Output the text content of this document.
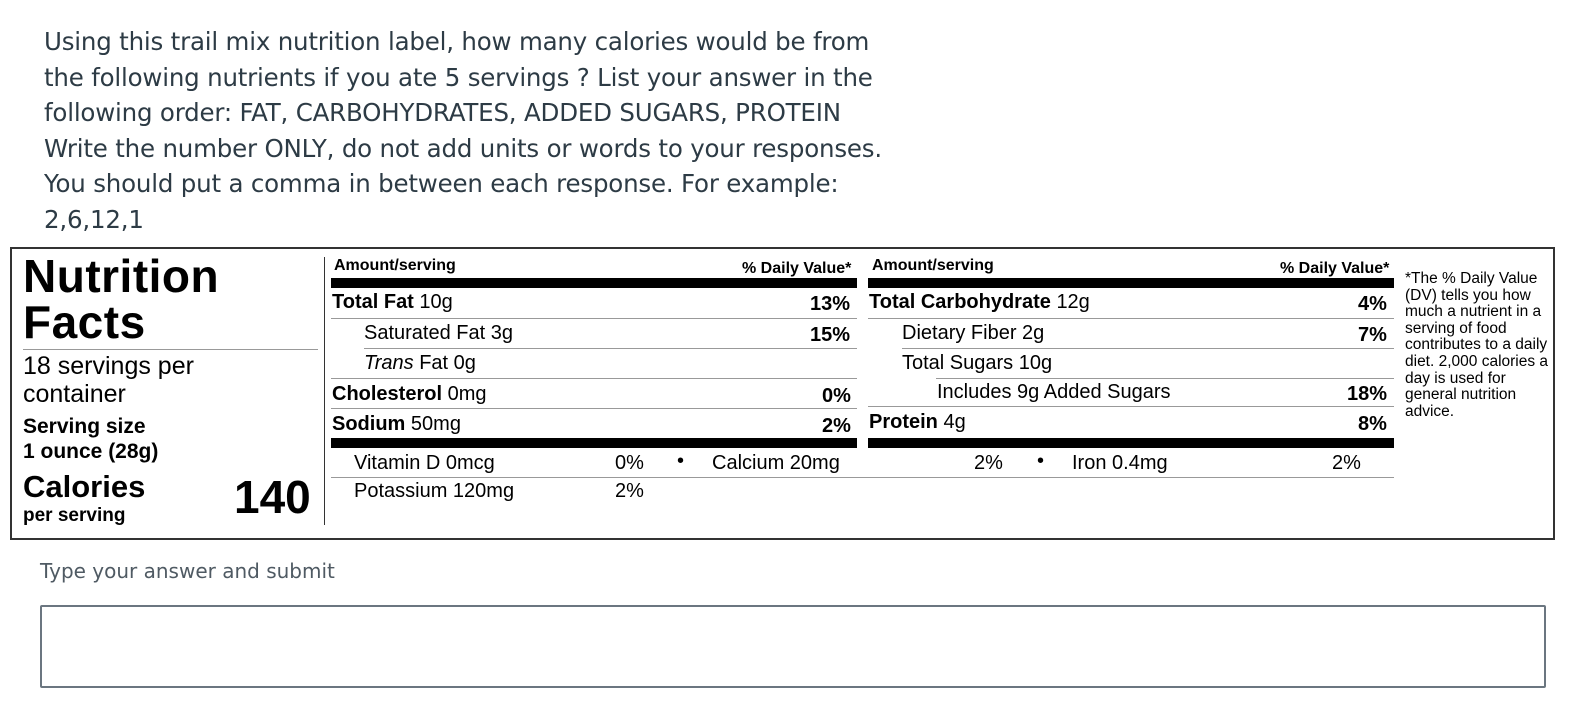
Using this trail mix nutrition label, how many calories would be from the following nutrients if you ate 5 servings ? List your answer in the following order: FAT, CARBOHYDRATES, ADDED SUGARS, PROTEIN

Write the number ONLY, do not add units or words to your responses. You should put a comma in between each response. For example: 2,6,12,1

Nutrition
Facts
18 servings per container
Serving size
1 ounce (28g)
Calories
per serving 140
Amount/serving	% Daily Value*
Total Fat 10g	13%
Saturated Fat 3g	15%
Trans Fat 0g
Cholesterol 0mg	0%
Sodium 50mg	2%
Amount/serving	% Daily Value*
Total Carbohydrate 12g	4%
Dietary Fiber 2g	7%
Total Sugars 10g
Includes 9g Added Sugars	18%
Protein 4g	8%
Vitamin D 0mcg	0% • Calcium 20mg	2% • Iron 0.4mg	2%
Potassium 120mg	2%
*The % Daily Value (DV) tells you how much a nutrient in a serving of food contributes to a daily diet. 2,000 calories a day is used for general nutrition advice.
Type your answer and submit
